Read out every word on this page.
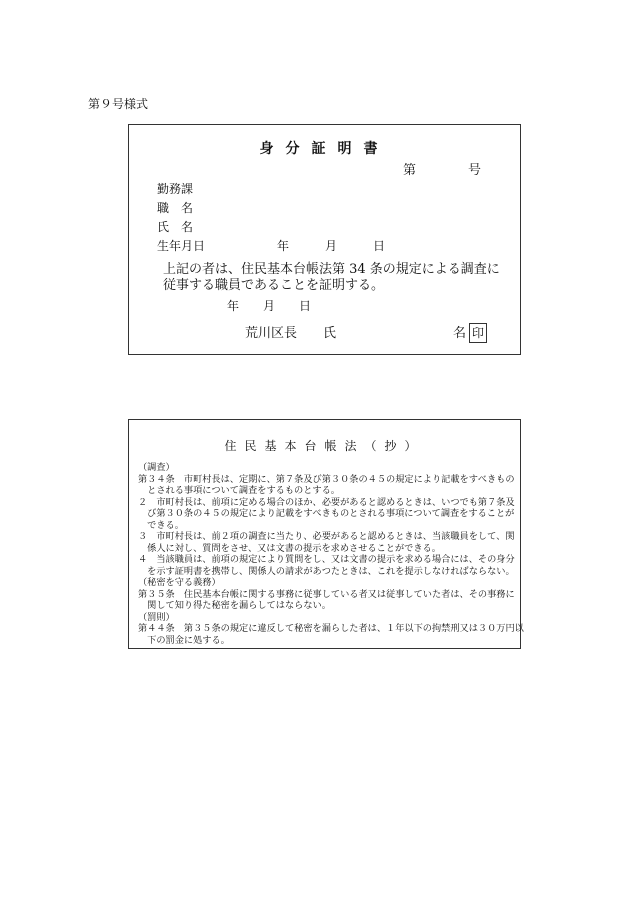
第９号様式
身分証明書
第　　　　号
勤務課
職　名
氏　名
生年月日　　　　　　年　　　月　　　日
上記の者は、住民基本台帳法第 34 条の規定による調査に
従事する職員であることを証明する。
年　　月　　日
荒川区長　　氏　　　　　　　　　名 印
住民基本台帳法（抄）
（調査）
第３４条　市町村長は、定期に、第７条及び第３０条の４５の規定により記載をすべきもの
　とされる事項について調査をするものとする。
２　市町村長は、前項に定める場合のほか、必要があると認めるときは、いつでも第７条及
　び第３０条の４５の規定により記載をすべきものとされる事項について調査をすることが
　できる。
３　市町村長は、前２項の調査に当たり、必要があると認めるときは、当該職員をして、関
　係人に対し、質問をさせ、又は文書の提示を求めさせることができる。
４　当該職員は、前項の規定により質問をし、又は文書の提示を求める場合には、その身分
　を示す証明書を携帯し、関係人の請求があつたときは、これを提示しなければならない。
（秘密を守る義務）
第３５条　住民基本台帳に関する事務に従事している者又は従事していた者は、その事務に
　関して知り得た秘密を漏らしてはならない。
（罰則）
第４４条　第３５条の規定に違反して秘密を漏らした者は、１年以下の拘禁刑又は３０万円以
　下の罰金に処する。
